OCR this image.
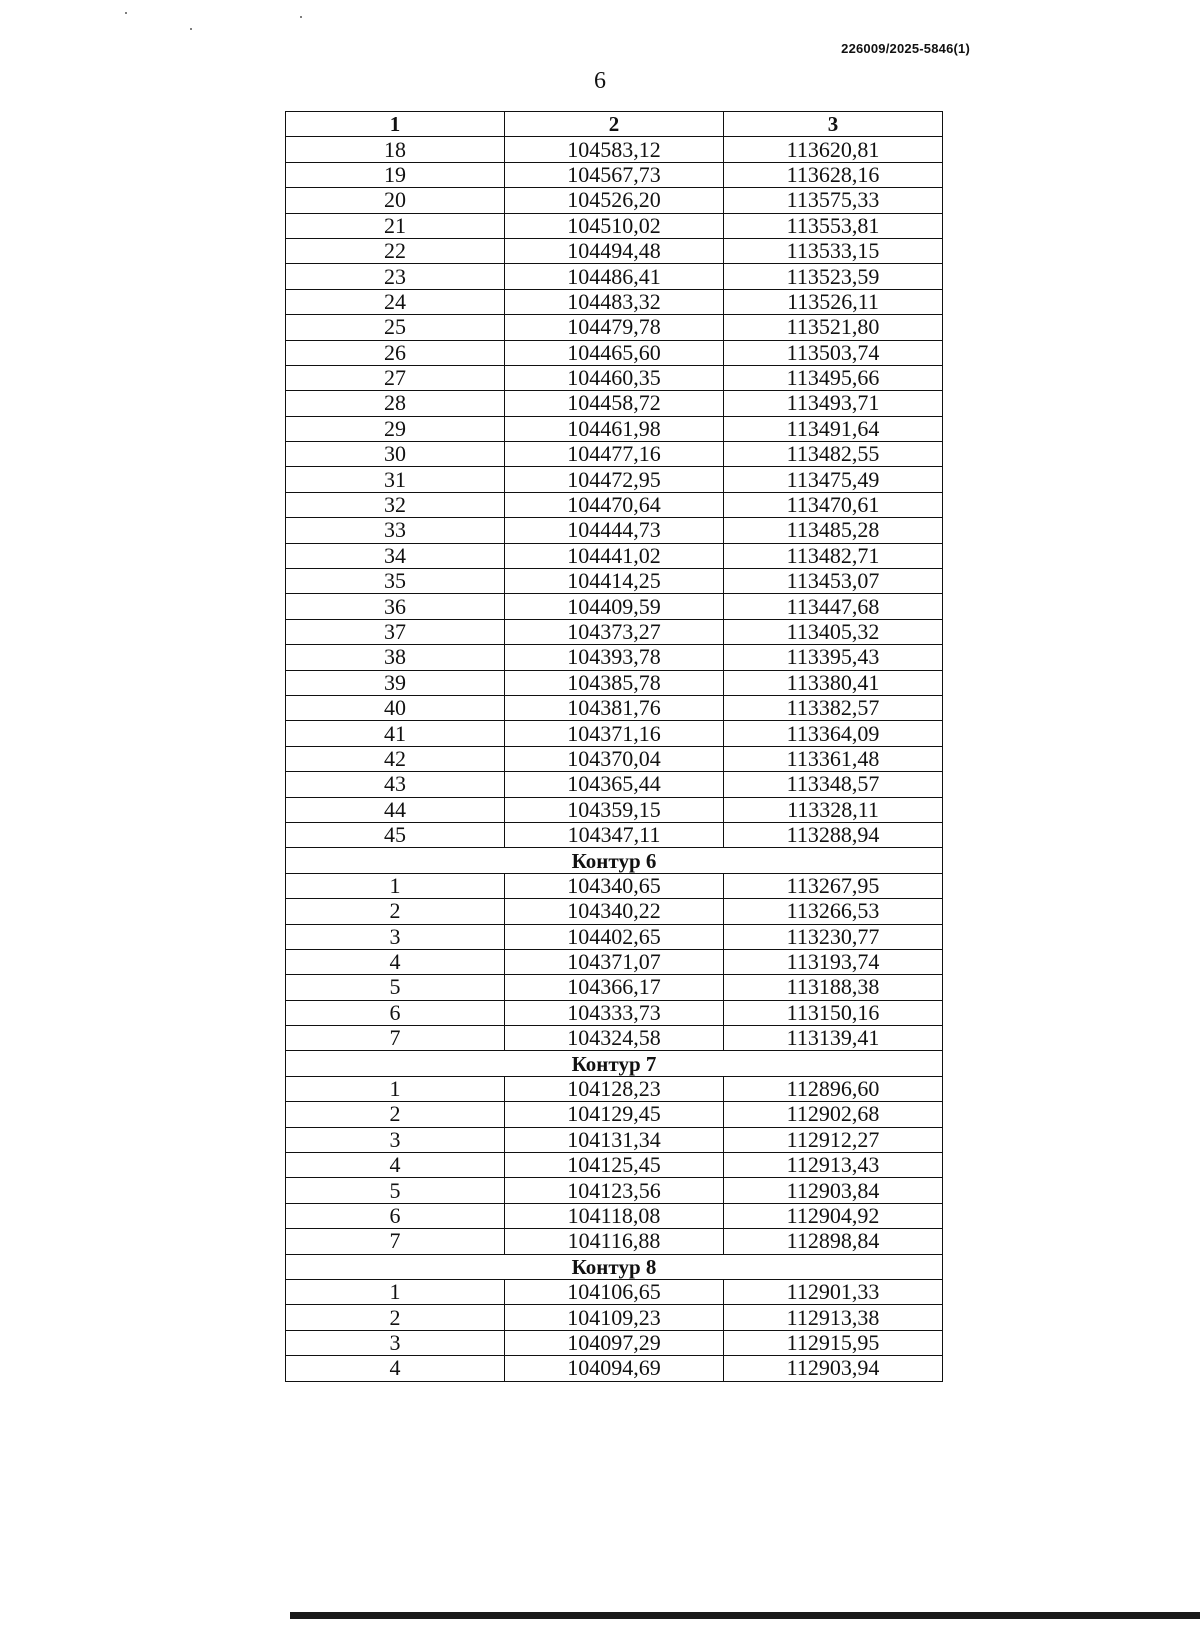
226009/2025-5846(1)
6
1	2	3
18	104583,12	113620,81
19	104567,73	113628,16
20	104526,20	113575,33
21	104510,02	113553,81
22	104494,48	113533,15
23	104486,41	113523,59
24	104483,32	113526,11
25	104479,78	113521,80
26	104465,60	113503,74
27	104460,35	113495,66
28	104458,72	113493,71
29	104461,98	113491,64
30	104477,16	113482,55
31	104472,95	113475,49
32	104470,64	113470,61
33	104444,73	113485,28
34	104441,02	113482,71
35	104414,25	113453,07
36	104409,59	113447,68
37	104373,27	113405,32
38	104393,78	113395,43
39	104385,78	113380,41
40	104381,76	113382,57
41	104371,16	113364,09
42	104370,04	113361,48
43	104365,44	113348,57
44	104359,15	113328,11
45	104347,11	113288,94
Контур 6		
1	104340,65	113267,95
2	104340,22	113266,53
3	104402,65	113230,77
4	104371,07	113193,74
5	104366,17	113188,38
6	104333,73	113150,16
7	104324,58	113139,41
Контур 7		
1	104128,23	112896,60
2	104129,45	112902,68
3	104131,34	112912,27
4	104125,45	112913,43
5	104123,56	112903,84
6	104118,08	112904,92
7	104116,88	112898,84
Контур 8		
1	104106,65	112901,33
2	104109,23	112913,38
3	104097,29	112915,95
4	104094,69	112903,94
